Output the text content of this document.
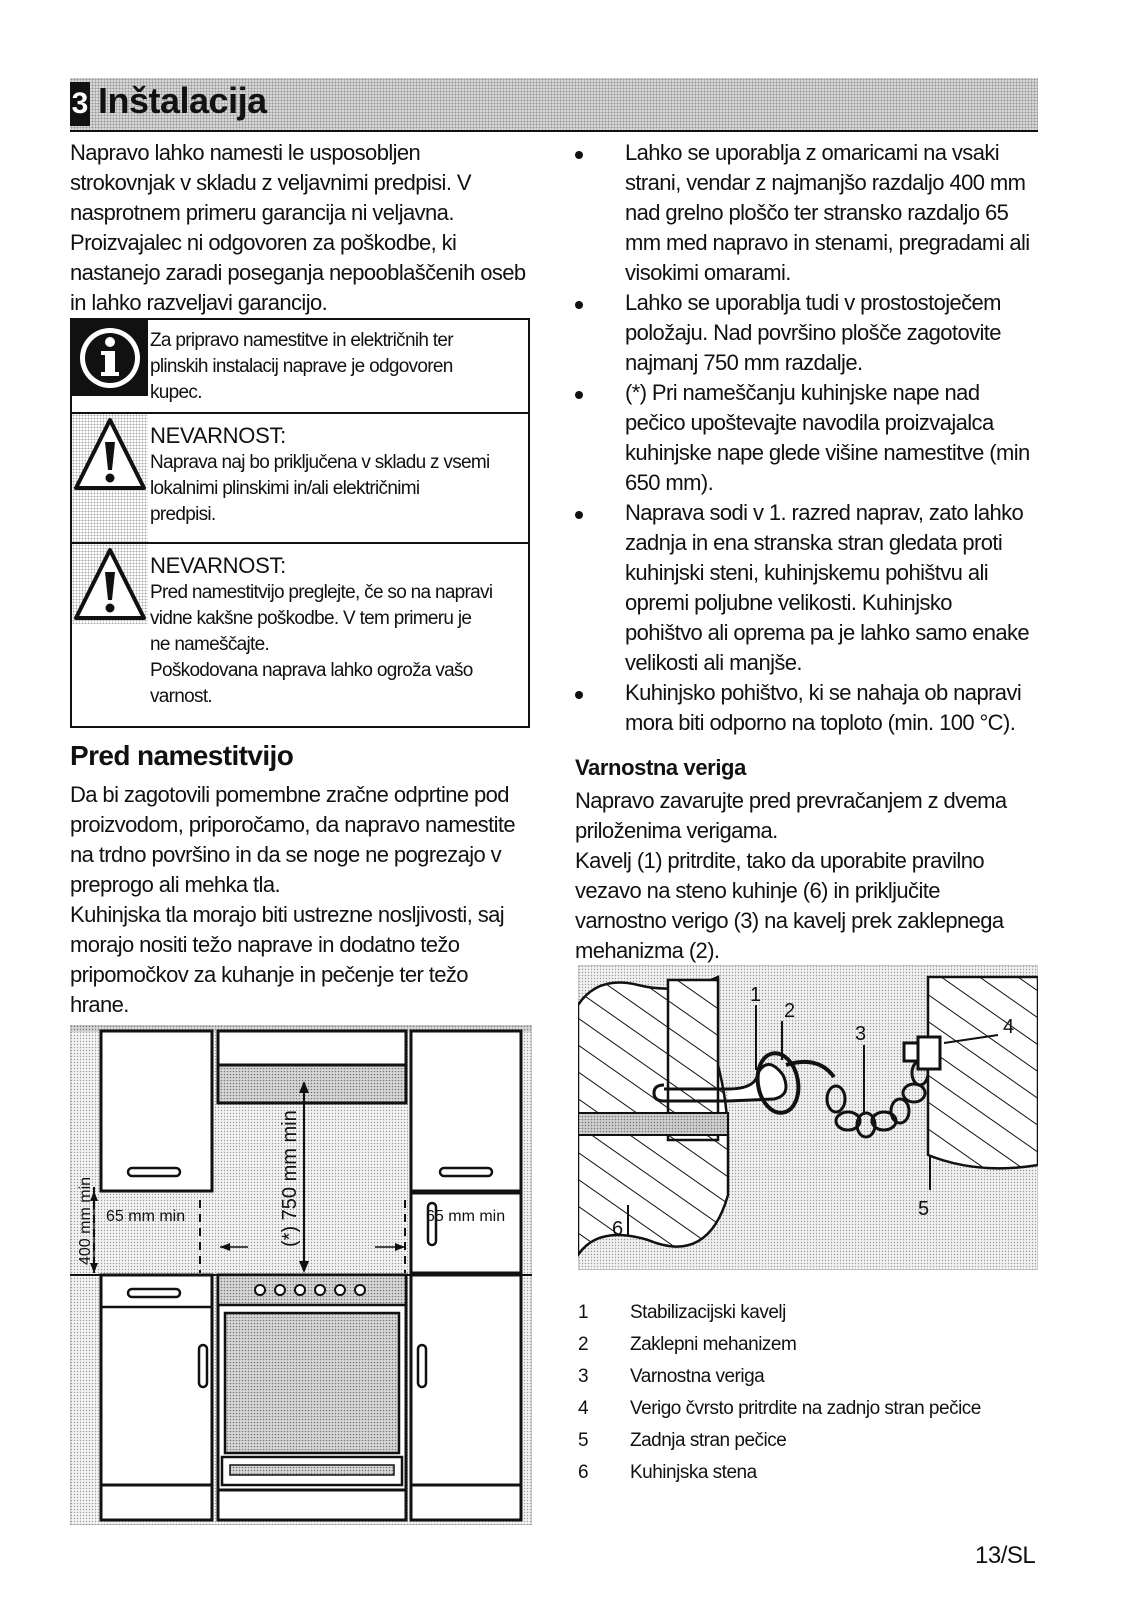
3 Inštalacija

Napravo lahko namesti le usposobljen

strokovnjak v skladu z veljavnimi predpisi. V

nasprotnem primeru garancija ni veljavna.

Proizvajalec ni odgovoren za poškodbe, ki

nastanejo zaradi poseganja nepooblaščenih oseb

in lahko razveljavi garancijo.

Za pripravo namestitve in električnih ter
plinskih instalacij naprave je odgovoren
kupec.
NEVARNOST:
Naprava naj bo priključena v skladu z vsemi
lokalnimi plinskimi in/ali električnimi
predpisi.
NEVARNOST:
Pred namestitvijo preglejte, če so na napravi
vidne kakšne poškodbe. V tem primeru je
ne nameščajte.
Poškodovana naprava lahko ogroža vašo
varnost.
Pred namestitvijo

Da bi zagotovili pomembne zračne odprtine pod

proizvodom, priporočamo, da napravo namestite

na trdno površino in da se noge ne pogrezajo v

preprogo ali mehka tla.

Kuhinjska tla morajo biti ustrezne nosljivosti, saj

morajo nositi težo naprave in dodatno težo

pripomočkov za kuhanje in pečenje ter težo

hrane.

400 mm min 65 mm min	65 mm min
(*) 750 mm min

Lahko se uporablja z omaricami na vsaki

strani, vendar z najmanjšo razdaljo 400 mm

nad grelno ploščo ter stransko razdaljo 65

mm med napravo in stenami, pregradami ali

visokimi omarami.

Lahko se uporablja tudi v prostostoječem

položaju. Nad površino plošče zagotovite

najmanj 750 mm razdalje.

(*) Pri nameščanju kuhinjske nape nad

pečico upoštevajte navodila proizvajalca

kuhinjske nape glede višine namestitve (min

650 mm).

Naprava sodi v 1. razred naprav, zato lahko

zadnja in ena stranska stran gledata proti

kuhinjski steni, kuhinjskemu pohištvu ali

opremi poljubne velikosti. Kuhinjsko

pohištvo ali oprema pa je lahko samo enake

velikosti ali manjše.

Kuhinjsko pohištvo, ki se nahaja ob napravi

mora biti odporno na toploto (min. 100 °C).

Varnostna veriga

Napravo zavarujte pred prevračanjem z dvema

priloženima verigama.

Kavelj (1) pritrdite, tako da uporabite pravilno

vezavo na steno kuhinje (6) in priključite

varnostno verigo (3) na kavelj prek zaklepnega

mehanizma (2).

1
2
3	4
5
6
1	Stabilizacijski kavelj
2	Zaklepni mehanizem
3	Varnostna veriga
4	Verigo čvrsto pritrdite na zadnjo stran pečice
5	Zadnja stran pečice
6	Kuhinjska stena
13/SL
